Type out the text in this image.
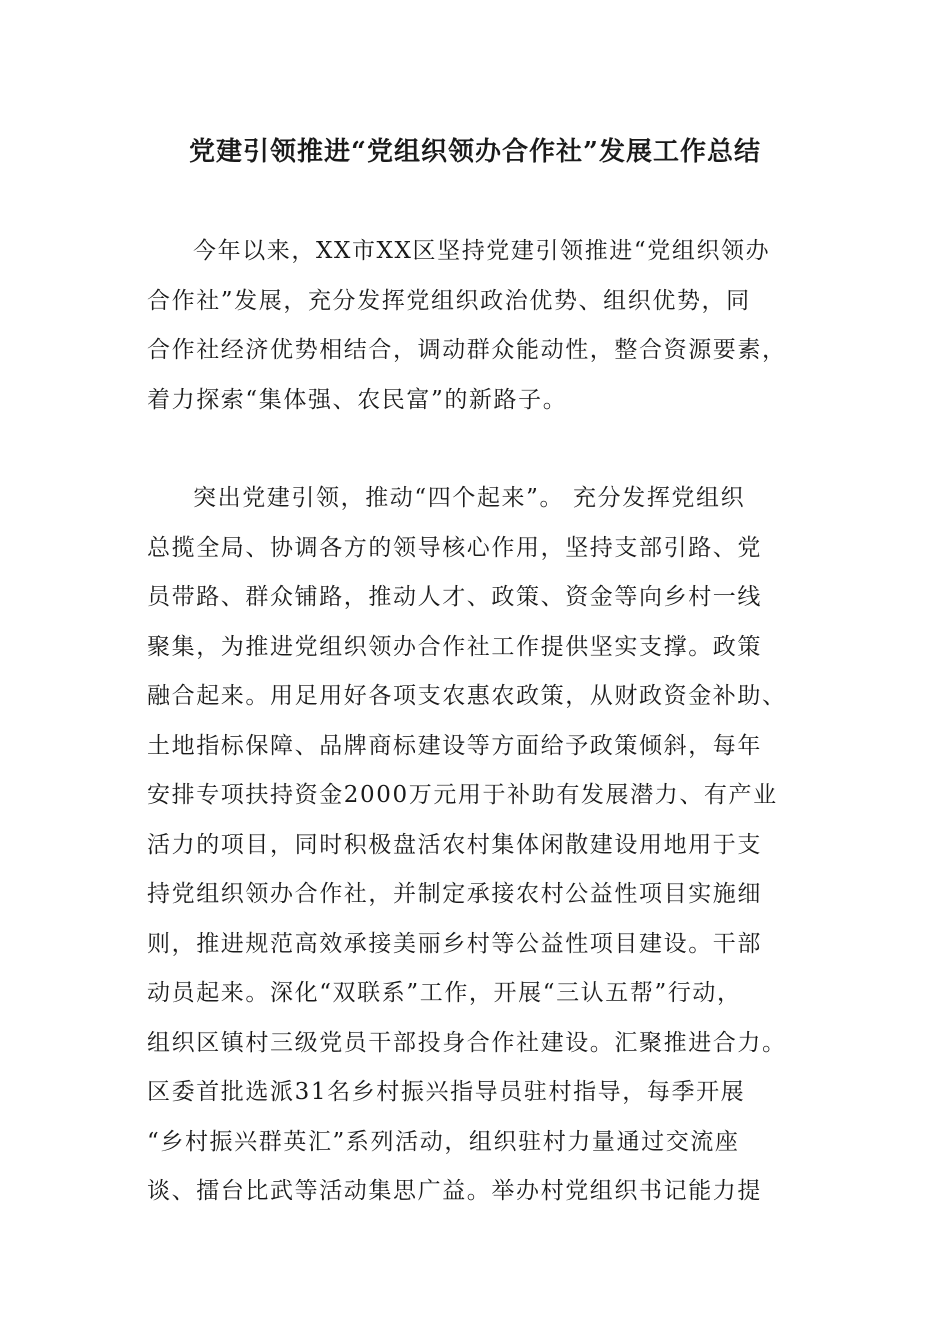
党建引领推进“党组织领办合作社”发展工作总结
今年以来，XX市XX区坚持党建引领推进“党组织领办
合作社”发展，充分发挥党组织政治优势、组织优势，同
合作社经济优势相结合，调动群众能动性，整合资源要素，
着力探索“集体强、农民富”的新路子。
突出党建引领，推动“四个起来”。 充分发挥党组织
总揽全局、协调各方的领导核心作用，坚持支部引路、党
员带路、群众铺路，推动人才、政策、资金等向乡村一线
聚集，为推进党组织领办合作社工作提供坚实支撑。政策
融合起来。用足用好各项支农惠农政策，从财政资金补助、
土地指标保障、品牌商标建设等方面给予政策倾斜，每年
安排专项扶持资金2000万元用于补助有发展潜力、有产业
活力的项目，同时积极盘活农村集体闲散建设用地用于支
持党组织领办合作社，并制定承接农村公益性项目实施细
则，推进规范高效承接美丽乡村等公益性项目建设。干部
动员起来。深化“双联系”工作，开展“三认五帮”行动，
组织区镇村三级党员干部投身合作社建设。汇聚推进合力。
区委首批选派31名乡村振兴指导员驻村指导，每季开展
“乡村振兴群英汇”系列活动，组织驻村力量通过交流座
谈、擂台比武等活动集思广益。举办村党组织书记能力提
